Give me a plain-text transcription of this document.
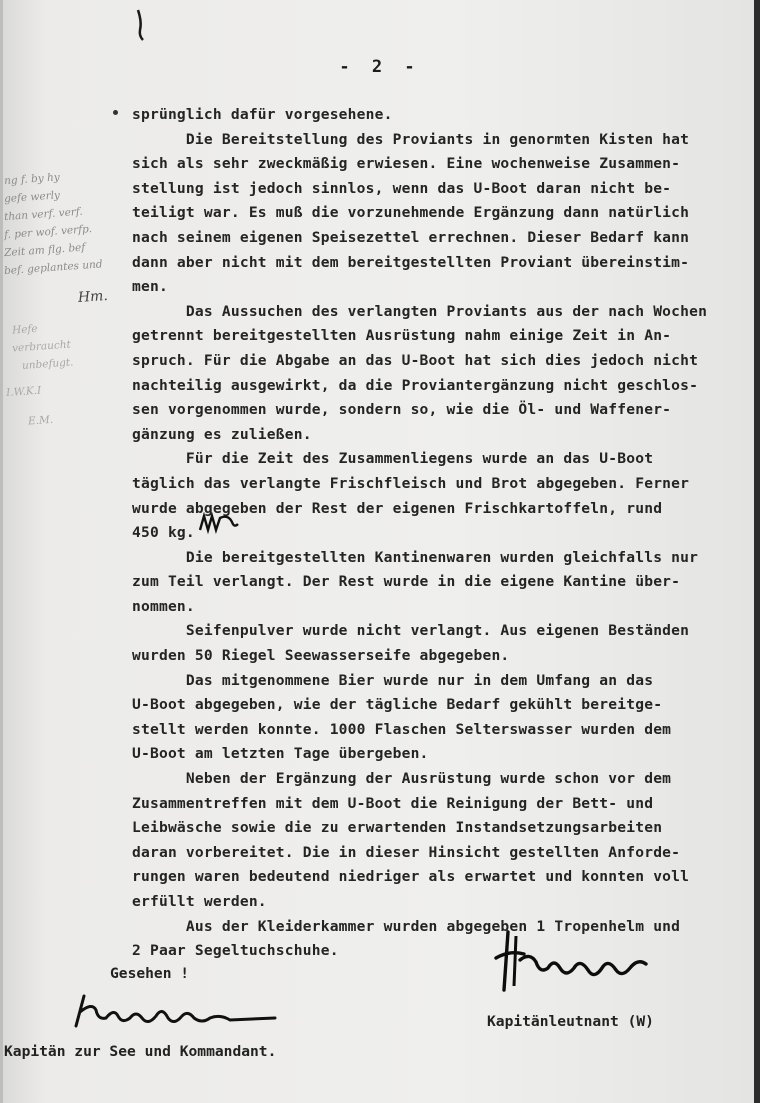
- 2 -
sprünglich dafür vorgesehene.
Die Bereitstellung des Proviants in genormten Kisten hat
sich als sehr zweckmäßig erwiesen. Eine wochenweise Zusammen-
stellung ist jedoch sinnlos, wenn das U-Boot daran nicht be-
teiligt war. Es muß die vorzunehmende Ergänzung dann natürlich
nach seinem eigenen Speisezettel errechnen. Dieser Bedarf kann
dann aber nicht mit dem bereitgestellten Proviant übereinstim-
men.
Das Aussuchen des verlangten Proviants aus der nach Wochen
getrennt bereitgestellten Ausrüstung nahm einige Zeit in An-
spruch. Für die Abgabe an das U-Boot hat sich dies jedoch nicht
nachteilig ausgewirkt, da die Proviantergänzung nicht geschlos-
sen vorgenommen wurde, sondern so, wie die Öl- und Waffener-
gänzung es zuließen.
Für die Zeit des Zusammenliegens wurde an das U-Boot
täglich das verlangte Frischfleisch und Brot abgegeben. Ferner
wurde abgegeben der Rest der eigenen Frischkartoffeln, rund
450 kg.
Die bereitgestellten Kantinenwaren wurden gleichfalls nur
zum Teil verlangt. Der Rest wurde in die eigene Kantine über-
nommen.
Seifenpulver wurde nicht verlangt. Aus eigenen Beständen
wurden 50 Riegel Seewasserseife abgegeben.
Das mitgenommene Bier wurde nur in dem Umfang an das
U-Boot abgegeben, wie der tägliche Bedarf gekühlt bereitge-
stellt werden konnte. 1000 Flaschen Selterswasser wurden dem
U-Boot am letzten Tage übergeben.
Neben der Ergänzung der Ausrüstung wurde schon vor dem
Zusammentreffen mit dem U-Boot die Reinigung der Bett- und
Leibwäsche sowie die zu erwartenden Instandsetzungsarbeiten
daran vorbereitet. Die in dieser Hinsicht gestellten Anforde-
rungen waren bedeutend niedriger als erwartet und konnten voll
erfüllt werden.
Aus der Kleiderkammer wurden abgegeben 1 Tropenhelm und
2 Paar Segeltuchschuhe.
ng f. by hy
gefe werly
than verf. verf.
f. per wof. verfp.
Zeit am flg. bef
bef. geplantes und
Hm.
Hefe
verbraucht
unbefugt.
I.W.K.I
E.M.
Gesehen !
Kapitän zur See und Kommandant.
Kapitänleutnant (W)
